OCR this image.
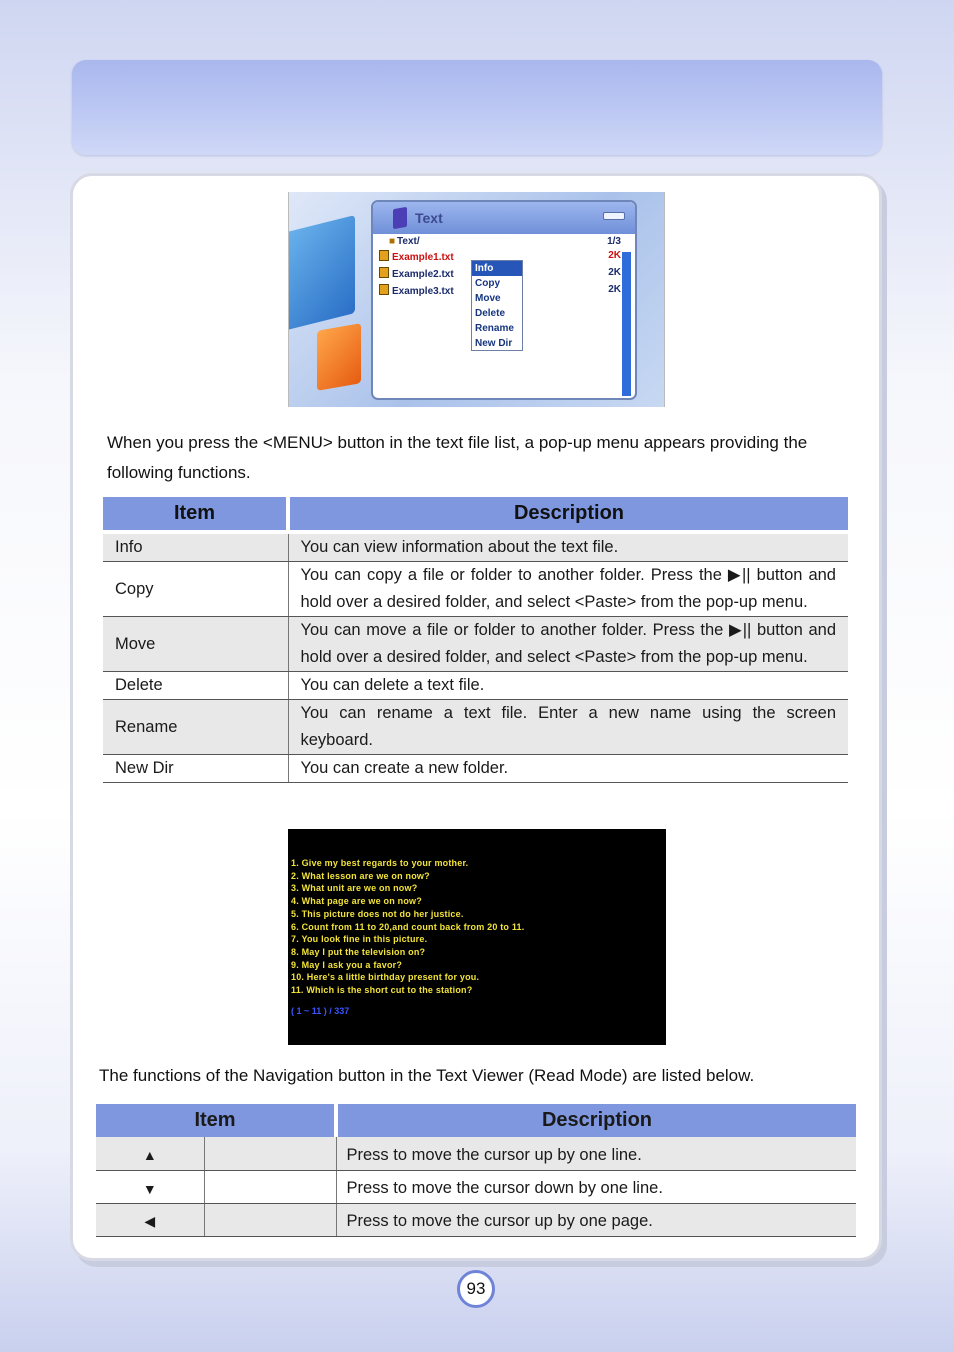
Text
■ Text/	1/3
Example1.txt	2K
Example2.txt	2K
Example3.txt	2K
Info
Copy
Move
Delete
Rename
New Dir

When you press the <MENU> button in the text file list, a pop-up menu appears providing the following functions.

Item	Description

Info	You can view information about the text file.
Copy	You can copy a file or folder to another folder. Press the ▶|| button and hold over a desired folder, and select <Paste> from the pop-up menu.
Move	You can move a file or folder to another folder. Press the ▶|| button and hold over a desired folder, and select <Paste> from the pop-up menu.
Delete	You can delete a text file.
Rename	You can rename a text file. Enter a new name using the screen keyboard.
New Dir	You can create a new folder.
1. Give my best regards to your mother.
2. What lesson are we on now?
3. What unit are we on now?
4. What page are we on now?
5. This picture does not do her justice.
6. Count from 11 to 20,and count back from 20 to 11.
7. You look fine in this picture.
8. May I put the television on?
9. May I ask you a favor?
10. Here's a little birthday present for you.
11. Which is the short cut to the station?
( 1 ~ 11 ) / 337

The functions of the Navigation button in the Text Viewer (Read Mode) are listed below.

Item		Description
▲		Press to move the cursor up by one line.
▼		Press to move the cursor down by one line.
◀		Press to move the cursor up by one page.
93
